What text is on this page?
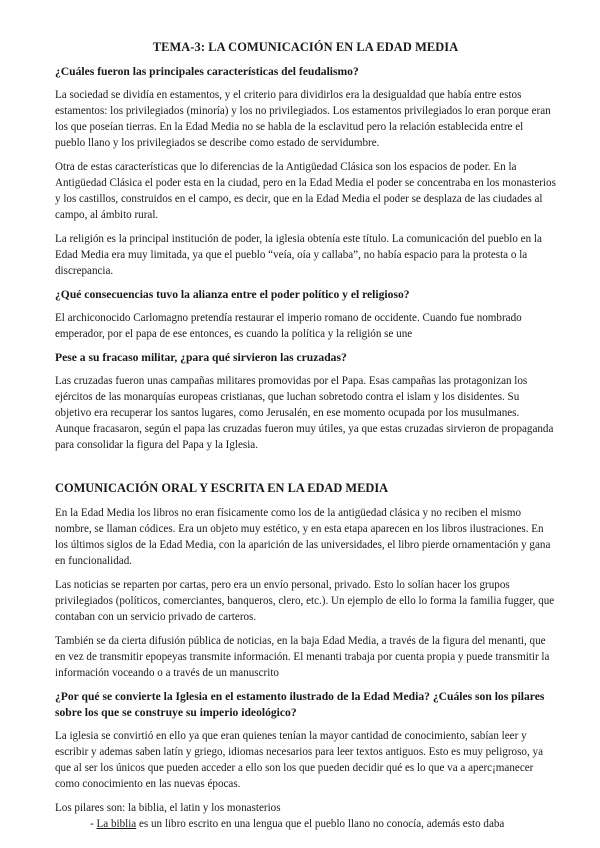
TEMA-3: LA COMUNICACIÓN EN LA EDAD MEDIA
¿Cuáles fueron las principales características del feudalismo?

La sociedad se dividía en estamentos, y el criterio para dividirlos era la desigualdad que había entre estos estamentos: los privilegiados (minoría) y los no privilegiados. Los estamentos privilegiados lo eran porque eran los que poseían tierras. En la Edad Media no se habla de la esclavitud pero la relación establecida entre el pueblo llano y los privilegiados se describe como estado de servidumbre.

Otra de estas características que lo diferencias de la Antigüedad Clásica son los espacios de poder. En la Antigüedad Clásica el poder esta en la ciudad, pero en la Edad Media el poder se concentraba en los monasterios y los castillos, construidos en el campo, es decir, que en la Edad Media el poder se desplaza de las ciudades al campo, al ámbito rural.

La religión es la principal institución de poder, la iglesia obtenía este título. La comunicación del pueblo en la Edad Media era muy limitada, ya que el pueblo “veía, oía y callaba”, no había espacio para la protesta o la discrepancia.

¿Qué consecuencias tuvo la alianza entre el poder político y el religioso?

El archiconocido Carlomagno pretendía restaurar el imperio romano de occidente. Cuando fue nombrado emperador, por el papa de ese entonces, es cuando la política y la religión se une

Pese a su fracaso militar, ¿para qué sirvieron las cruzadas?

Las cruzadas fueron unas campañas militares promovidas por el Papa. Esas campañas las protagonizan los ejércitos de las monarquías europeas cristianas, que luchan sobretodo contra el islam y los disidentes. Su objetivo era recuperar los santos lugares, como Jerusalén, en ese momento ocupada por los musulmanes. Aunque fracasaron, según el papa las cruzadas fueron muy útiles, ya que estas cruzadas sirvieron de propaganda para consolidar la figura del Papa y la Iglesia.

COMUNICACIÓN ORAL Y ESCRITA EN LA EDAD MEDIA

En la Edad Media los libros no eran físicamente como los de la antigüedad clásica y no reciben el mismo nombre, se llaman códices. Era un objeto muy estético, y en esta etapa aparecen en los libros ilustraciones. En los últimos siglos de la Edad Media, con la aparición de las universidades, el libro pierde ornamentación y gana en funcionalidad.

Las noticias se reparten por cartas, pero era un envío personal, privado. Esto lo solían hacer los grupos privilegiados (políticos, comerciantes, banqueros, clero, etc.). Un ejemplo de ello lo forma la familia fugger, que contaban con un servicio privado de carteros.

También se da cierta difusión pública de noticias, en la baja Edad Media, a través de la figura del menanti, que en vez de transmitir epopeyas transmite información. El menanti trabaja por cuenta propia y puede transmitir la información voceando o a través de un manuscrito

¿Por qué se convierte la Iglesia en el estamento ilustrado de la Edad Media? ¿Cuáles son los pilares sobre los que se construye su imperio ideológico?

La iglesia se convirtió en ello ya que eran quienes tenían la mayor cantidad de conocimiento, sabían leer y escribir y ademas saben latín y griego, idiomas necesarios para leer textos antiguos. Esto es muy peligroso, ya que al ser los únicos que pueden acceder a ello son los que pueden decidir qué es lo que va a aperc¡manecer como conocimiento en las nuevas épocas.

Los pilares son: la biblia, el latin y los monasterios
- La biblia es un libro escrito en una lengua que el pueblo llano no conocía, además esto daba
